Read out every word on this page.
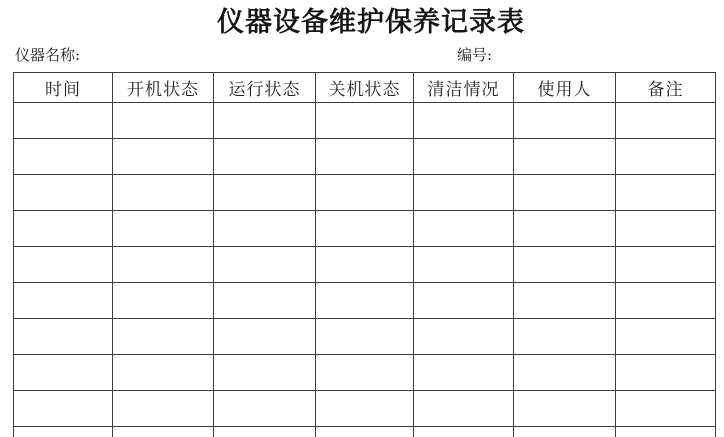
仪器设备维护保养记录表
仪器名称:	编号:
时间	开机状态	运行状态	关机状态	清洁情况	使用人	备注
